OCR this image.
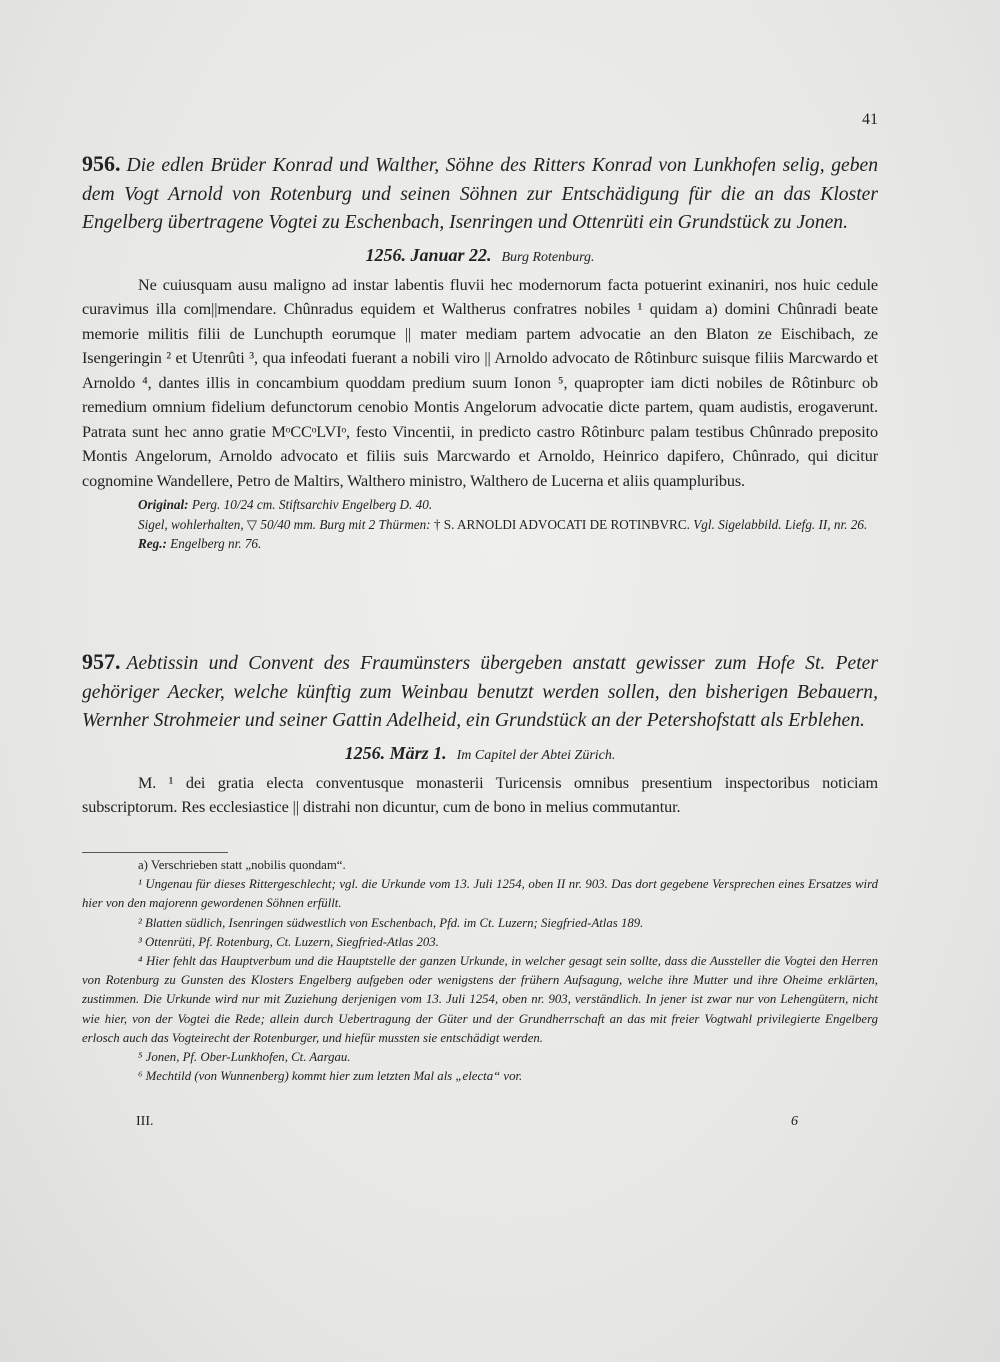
41

956. Die edlen Brüder Konrad und Walther, Söhne des Ritters Konrad von Lunkhofen selig, geben dem Vogt Arnold von Rotenburg und seinen Söhnen zur Entschädigung für die an das Kloster Engelberg übertragene Vogtei zu Eschenbach, Isenringen und Ottenrüti ein Grundstück zu Jonen.

1256. Januar 22. Burg Rotenburg.

Ne cuiusquam ausu maligno ad instar labentis fluvii hec modernorum facta potuerint exinaniri, nos huic cedule curavimus illa com||mendare. Chûnradus equidem et Waltherus confratres nobiles ¹ quidam a) domini Chûnradi beate memorie militis filii de Lunchupth eorumque || mater mediam partem advocatie an den Blaton ze Eischibach, ze Isengeringin ² et Utenrûti ³, qua infeodati fuerant a nobili viro || Arnoldo advocato de Rôtinburc suisque filiis Marcwardo et Arnoldo ⁴, dantes illis in concambium quoddam predium suum Ionon ⁵, quapropter iam dicti nobiles de Rôtinburc ob remedium omnium fidelium defunctorum cenobio Montis Angelorum advocatie dicte partem, quam audistis, erogaverunt. Patrata sunt hec anno gratie MᵒCCᵒLVIᵒ, festo Vincentii, in predicto castro Rôtinburc palam testibus Chûnrado preposito Montis Angelorum, Arnoldo advocato et filiis suis Marcwardo et Arnoldo, Heinrico dapifero, Chûnrado, qui dicitur cognomine Wandellere, Petro de Maltirs, Walthero ministro, Walthero de Lucerna et aliis quampluribus.

Original: Perg. 10/24 cm. Stiftsarchiv Engelberg D. 40.

Sigel, wohlerhalten, ▽ 50/40 mm. Burg mit 2 Thürmen: † S. ARNOLDI ADVOCATI DE ROTINBVRC. Vgl. Sigelabbild. Liefg. II, nr. 26.

Reg.: Engelberg nr. 76.

957. Aebtissin und Convent des Fraumünsters übergeben anstatt gewisser zum Hofe St. Peter gehöriger Aecker, welche künftig zum Weinbau benutzt werden sollen, den bisherigen Bebauern, Wernher Strohmeier und seiner Gattin Adelheid, ein Grundstück an der Petershofstatt als Erblehen.

1256. März 1. Im Capitel der Abtei Zürich.

M. ¹ dei gratia electa conventusque monasterii Turicensis omnibus presentium inspectoribus noticiam subscriptorum. Res ecclesiastice || distrahi non dicuntur, cum de bono in melius commutantur.

a) Verschrieben statt „nobilis quondam“.

¹ Ungenau für dieses Rittergeschlecht; vgl. die Urkunde vom 13. Juli 1254, oben II nr. 903. Das dort gegebene Versprechen eines Ersatzes wird hier von den majorenn gewordenen Söhnen erfüllt.

² Blatten südlich, Isenringen südwestlich von Eschenbach, Pfd. im Ct. Luzern; Siegfried-Atlas 189.

³ Ottenrüti, Pf. Rotenburg, Ct. Luzern, Siegfried-Atlas 203.

⁴ Hier fehlt das Hauptverbum und die Hauptstelle der ganzen Urkunde, in welcher gesagt sein sollte, dass die Aussteller die Vogtei den Herren von Rotenburg zu Gunsten des Klosters Engelberg aufgeben oder wenigstens der frühern Aufsagung, welche ihre Mutter und ihre Oheime erklärten, zustimmen. Die Urkunde wird nur mit Zuziehung derjenigen vom 13. Juli 1254, oben nr. 903, verständlich. In jener ist zwar nur von Lehengütern, nicht wie hier, von der Vogtei die Rede; allein durch Uebertragung der Güter und der Grundherrschaft an das mit freier Vogtwahl privilegierte Engelberg erlosch auch das Vogteirecht der Rotenburger, und hiefür mussten sie entschädigt werden.

⁵ Jonen, Pf. Ober-Lunkhofen, Ct. Aargau.

⁶ Mechtild (von Wunnenberg) kommt hier zum letzten Mal als „electa“ vor.

III.	6
